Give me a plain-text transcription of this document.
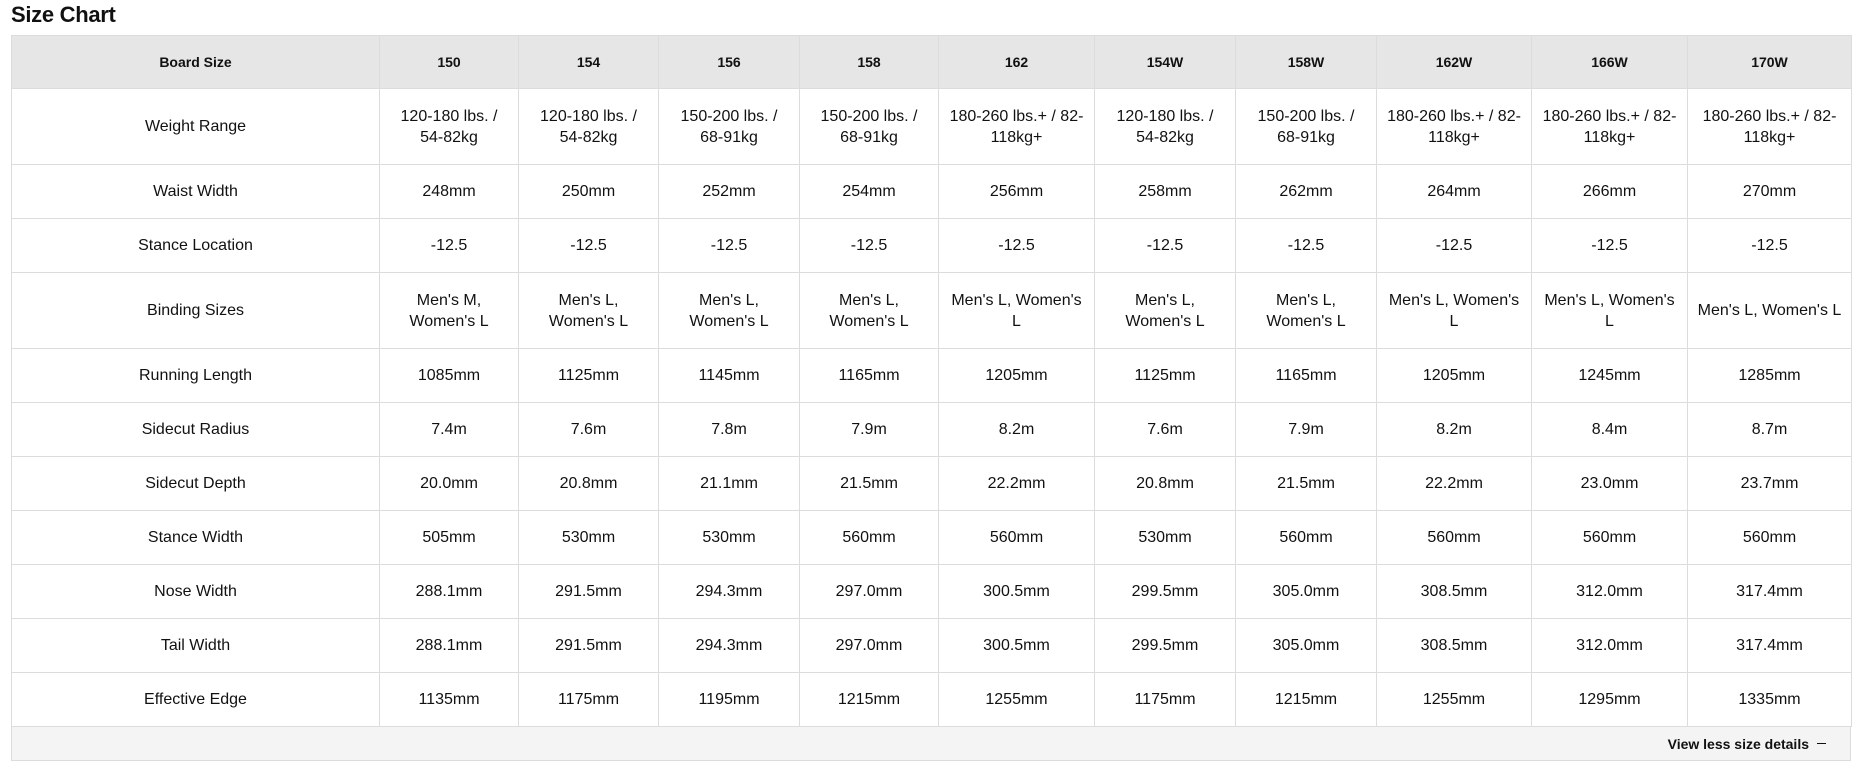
Size Chart
Board Size	150	154	156	158	162	154W	158W	162W	166W	170W
Weight Range	120-180 lbs. / 54-82kg	120-180 lbs. / 54-82kg	150-200 lbs. / 68-91kg	150-200 lbs. / 68-91kg	180-260 lbs.+ / 82-118kg+	120-180 lbs. / 54-82kg	150-200 lbs. / 68-91kg	180-260 lbs.+ / 82-118kg+	180-260 lbs.+ / 82-118kg+	180-260 lbs.+ / 82-118kg+
Waist Width	248mm	250mm	252mm	254mm	256mm	258mm	262mm	264mm	266mm	270mm
Stance Location	-12.5	-12.5	-12.5	-12.5	-12.5	-12.5	-12.5	-12.5	-12.5	-12.5
Binding Sizes	Men's M, Women's L	Men's L, Women's L	Men's L, Women's L	Men's L, Women's L	Men's L, Women's L	Men's L, Women's L	Men's L, Women's L	Men's L, Women's L	Men's L, Women's L	Men's L, Women's L
Running Length	1085mm	1125mm	1145mm	1165mm	1205mm	1125mm	1165mm	1205mm	1245mm	1285mm
Sidecut Radius	7.4m	7.6m	7.8m	7.9m	8.2m	7.6m	7.9m	8.2m	8.4m	8.7m
Sidecut Depth	20.0mm	20.8mm	21.1mm	21.5mm	22.2mm	20.8mm	21.5mm	22.2mm	23.0mm	23.7mm
Stance Width	505mm	530mm	530mm	560mm	560mm	530mm	560mm	560mm	560mm	560mm
Nose Width	288.1mm	291.5mm	294.3mm	297.0mm	300.5mm	299.5mm	305.0mm	308.5mm	312.0mm	317.4mm
Tail Width	288.1mm	291.5mm	294.3mm	297.0mm	300.5mm	299.5mm	305.0mm	308.5mm	312.0mm	317.4mm
Effective Edge	1135mm	1175mm	1195mm	1215mm	1255mm	1175mm	1215mm	1255mm	1295mm	1335mm
View less size details
